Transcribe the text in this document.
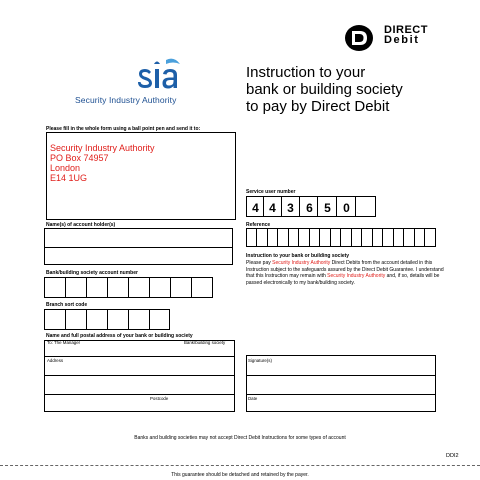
DIRECT
Debit
Security Industry Authority
Instruction to your
bank or building society
to pay by Direct Debit
Please fill in the whole form using a ball point pen and send it to:
Security Industry Authority
PO Box 74957
London
E14 1UG
Service user number
4 4 3	6 5	0
Name(s) of account holder(s)	Reference
Instruction to your bank or building society
Please pay Security Industry Authority Direct Debits from the account detailed in this Instruction subject to the safeguards assured by the Direct Debit Guarantee. I understand that this Instruction may remain with Security Industry Authority and, if so, details will be passed electronically to my bank/building society.
Bank/building society account number
Branch sort code
Name and full postal address of your bank or building society
To: The Manager	Bank/building society
Address
Postcode
Signature(s)
Date
Banks and building societies may not accept Direct Debit Instructions for some types of account
DDI2
This guarantee should be detached and retained by the payer.
